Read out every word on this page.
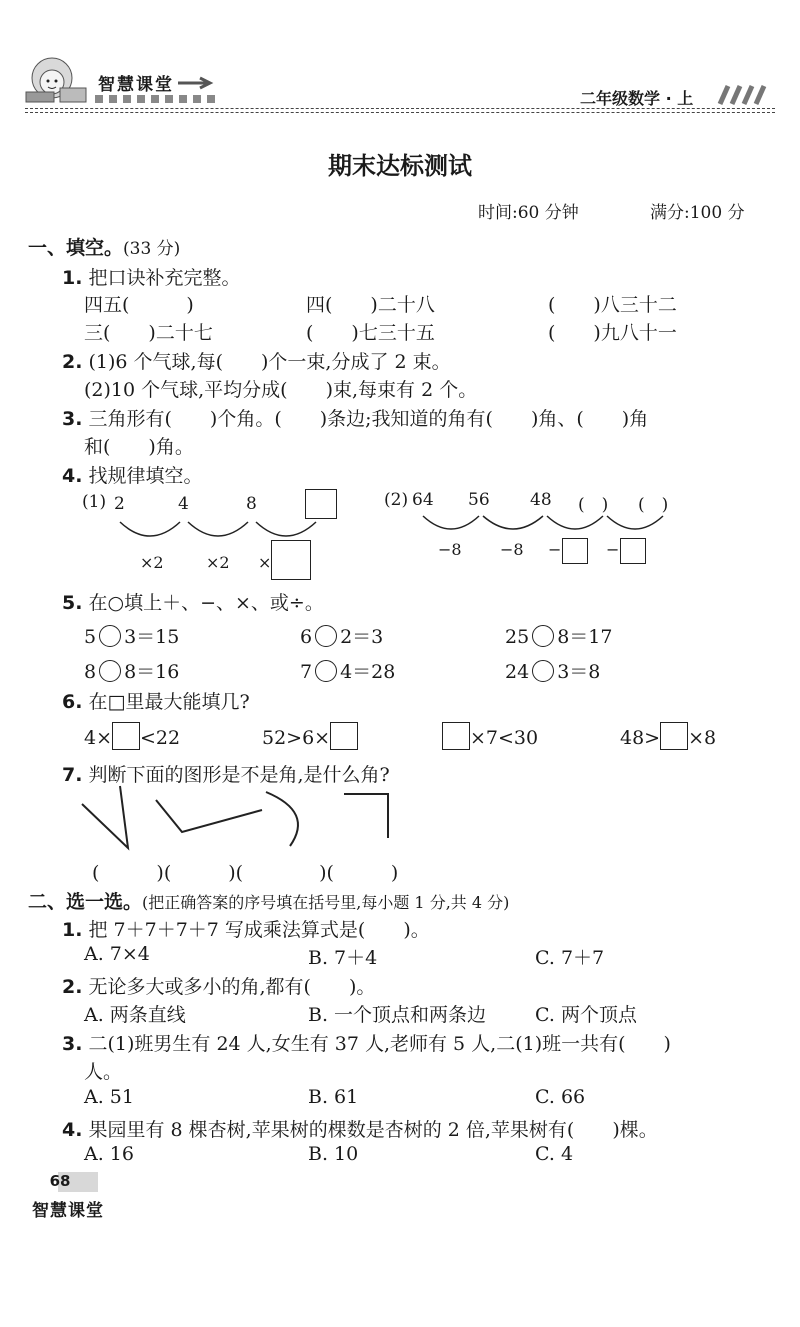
智慧课堂
二年级数学 · 上
期末达标测试
时间:60 分钟	满分:100 分
一、填空。(33 分)
1. 把口诀补充完整。
四五(　　　)	四(　　)二十八	(　　)八三十二
三(　　)二十七	(　　)七三十五	(　　)九八十一
2. (1)6 个气球,每(　　)个一束,分成了 2 束。
(2)10 个气球,平均分成(　　)束,每束有 2 个。
3. 三角形有(　　)个角。(　　)条边;我知道的角有(　　)角、(　　)角
和(　　)角。
4. 找规律填空。
(1) 2	4	8
×2	×2 ×
(2) 64 56 48 (　) (　)
−8 −8 −	−
5. 在○填上＋、−、×、或÷。
5 3＝15	6 2＝3	25 8＝17
8 8＝16	7 4＝28	24 3＝8
6. 在□里最大能填几?
4× <22	52>6×	×7<30	48> ×8
7. 判断下面的图形是不是角,是什么角?
(　　　)(　　　)(　　　　)(　　　)
二、选一选。(把正确答案的序号填在括号里,每小题 1 分,共 4 分)
1. 把 7＋7＋7＋7 写成乘法算式是(　　)。
A. 7×4	B. 7＋4	C. 7＋7
2. 无论多大或多小的角,都有(　　)。
A. 两条直线	B. 一个顶点和两条边	C. 两个顶点
3. 二(1)班男生有 24 人,女生有 37 人,老师有 5 人,二(1)班一共有(　　)
人。
A. 51	B. 61	C. 66
4. 果园里有 8 棵杏树,苹果树的棵数是杏树的 2 倍,苹果树有(　　)棵。
A. 16	B. 10	C. 4
68
智慧课堂
